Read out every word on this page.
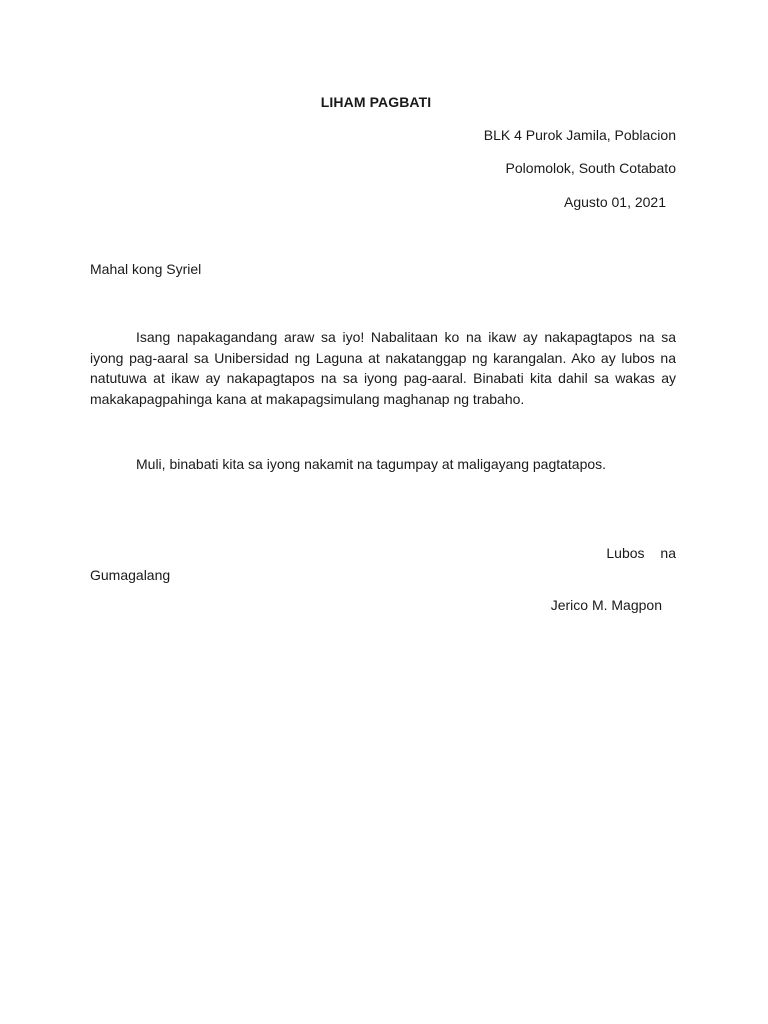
LIHAM PAGBATI
BLK 4 Purok Jamila, Poblacion
Polomolok, South Cotabato
Agusto 01, 2021
Mahal kong Syriel

Isang napakagandang araw sa iyo! Nabalitaan ko na ikaw ay nakapagtapos na sa iyong pag-aaral sa Unibersidad ng Laguna at nakatanggap ng karangalan. Ako ay lubos na natutuwa at ikaw ay nakapagtapos na sa iyong pag-aaral. Binabati kita dahil sa wakas ay makakapagpahinga kana at makapagsimulang maghanap ng trabaho.

Muli, binabati kita sa iyong nakamit na tagumpay at maligayang pagtatapos.

Lubos na
Gumagalang
Jerico M. Magpon
